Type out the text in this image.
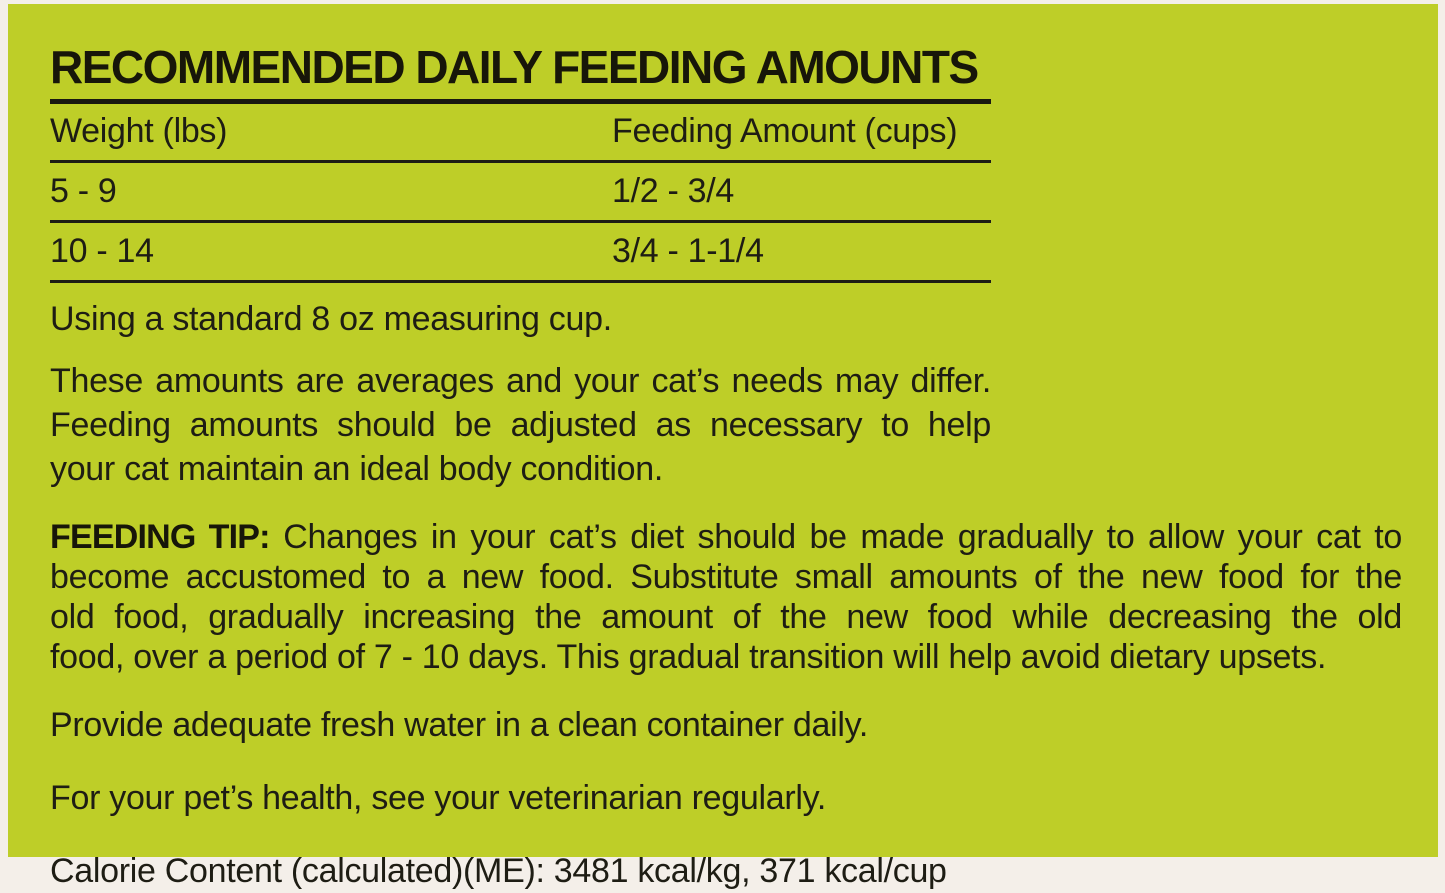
RECOMMENDED DAILY FEEDING AMOUNTS
Weight (lbs)	Feeding Amount (cups)
5 - 9	1/2 - 3/4
10 - 14	3/4 - 1-1/4

Using a standard 8 oz measuring cup.

These amounts are averages and your cat’s needs may differ.
Feeding amounts should be adjusted as necessary to help
your cat maintain an ideal body condition.
FEEDING TIP: Changes in your cat’s diet should be made gradually to allow your cat to
become accustomed to a new food. Substitute small amounts of the new food for the
old food, gradually increasing the amount of the new food while decreasing the old
food, over a period of 7 - 10 days. This gradual transition will help avoid dietary upsets.

Provide adequate fresh water in a clean container daily.

For your pet’s health, see your veterinarian regularly.

Calorie Content (calculated)(ME): 3481 kcal/kg, 371 kcal/cup
